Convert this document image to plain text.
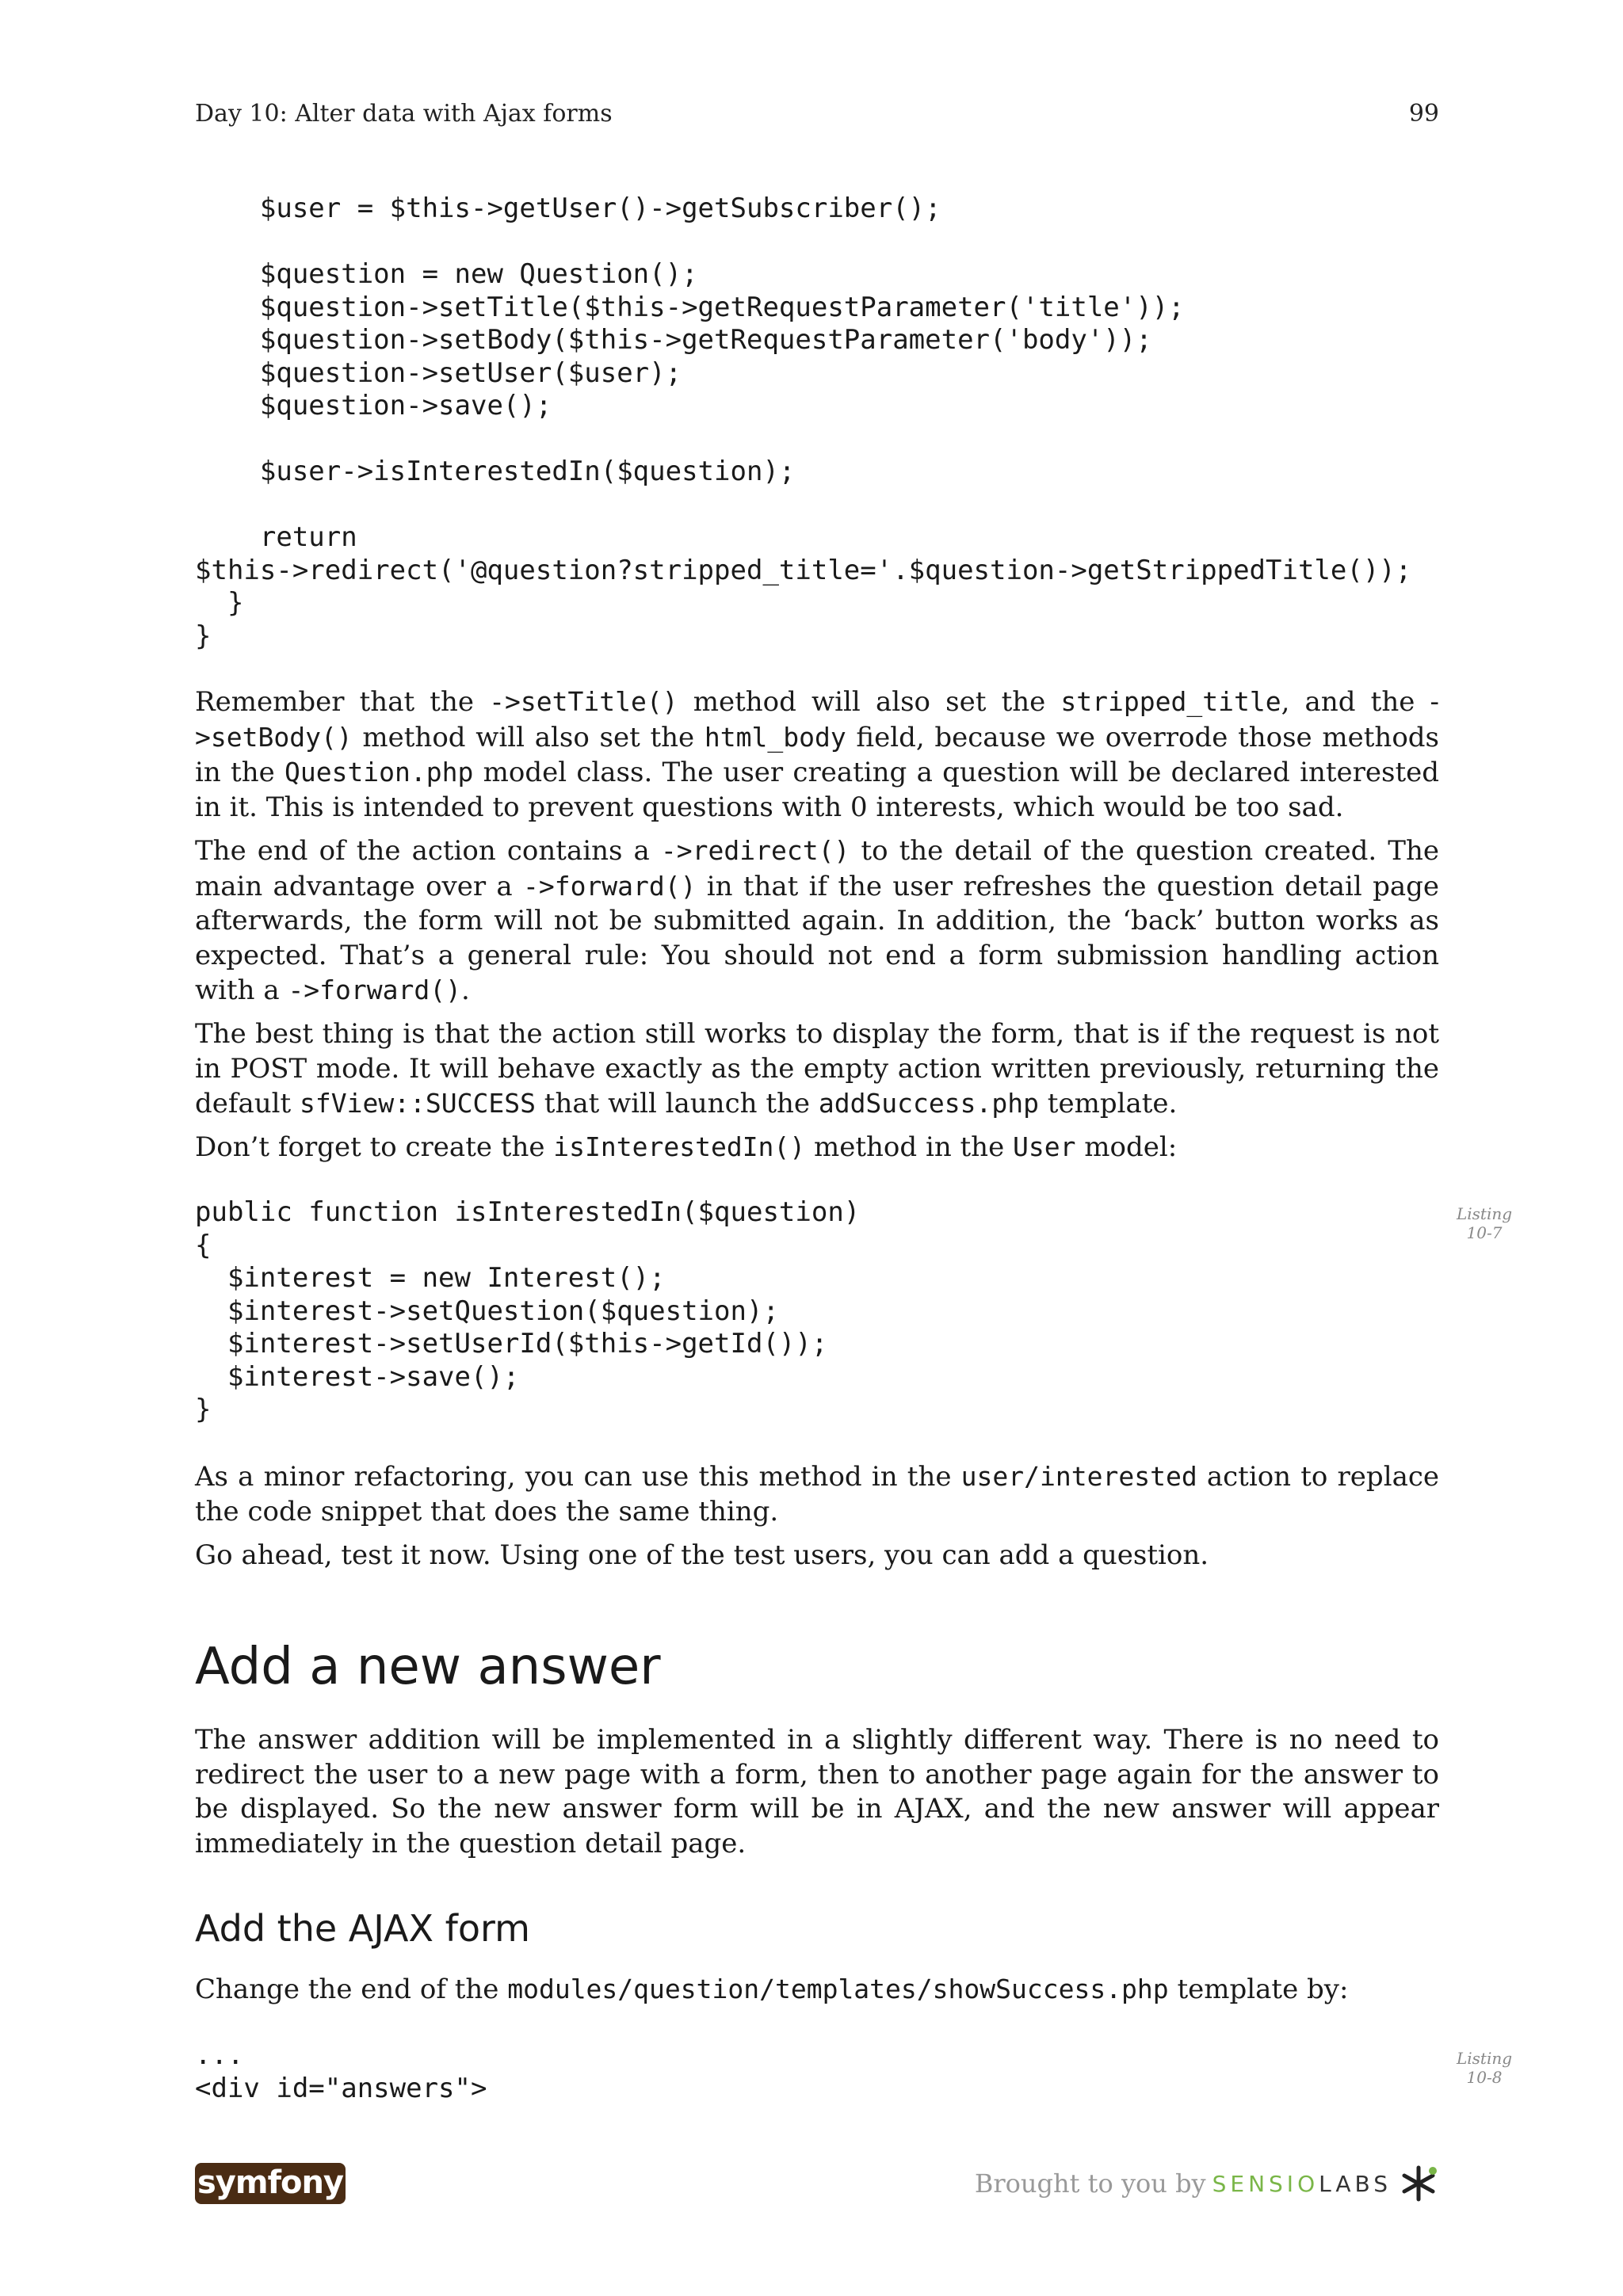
Day 10: Alter data with Ajax forms	99
$user = $this->getUser()->getSubscriber();

$question = new Question();
$question->setTitle($this->getRequestParameter('title'));
$question->setBody($this->getRequestParameter('body'));
$question->setUser($user);
$question->save();

$user->isInterestedIn($question);

return
$this->redirect('@question?stripped_title='.$question->getStrippedTitle());
}
}

Remember that the ->setTitle() method will also set the stripped_title, and the ->setBody() method will also set the html_body field, because we overrode those methods in the Question.php model class. The user creating a question will be declared interested in it. This is intended to prevent questions with 0 interests, which would be too sad.

The end of the action contains a ->redirect() to the detail of the question created. The main advantage over a ->forward() in that if the user refreshes the question detail page afterwards, the form will not be submitted again. In addition, the ‘back’ button works as expected. That’s a general rule: You should not end a form submission handling action with a ->forward().

The best thing is that the action still works to display the form, that is if the request is not in POST mode. It will behave exactly as the empty action written previously, returning the default sfView::SUCCESS that will launch the addSuccess.php template.

Don’t forget to create the isInterestedIn() method in the User model:

public function isInterestedIn($question)
{
$interest = new Interest();
$interest->setQuestion($question);
$interest->setUserId($this->getId());
$interest->save();
}
Listing
10-7

As a minor refactoring, you can use this method in the user/interested action to replace the code snippet that does the same thing.

Go ahead, test it now. Using one of the test users, you can add a question.

Add a new answer

The answer addition will be implemented in a slightly different way. There is no need to redirect the user to a new page with a form, then to another page again for the answer to be displayed. So the new answer form will be in AJAX, and the new answer will appear immediately in the question detail page.

Add the AJAX form

Change the end of the modules/question/templates/showSuccess.php template by:

...
<div id="answers">
Listing
10-8
symfony	Brought to you by SENSIOLABS
